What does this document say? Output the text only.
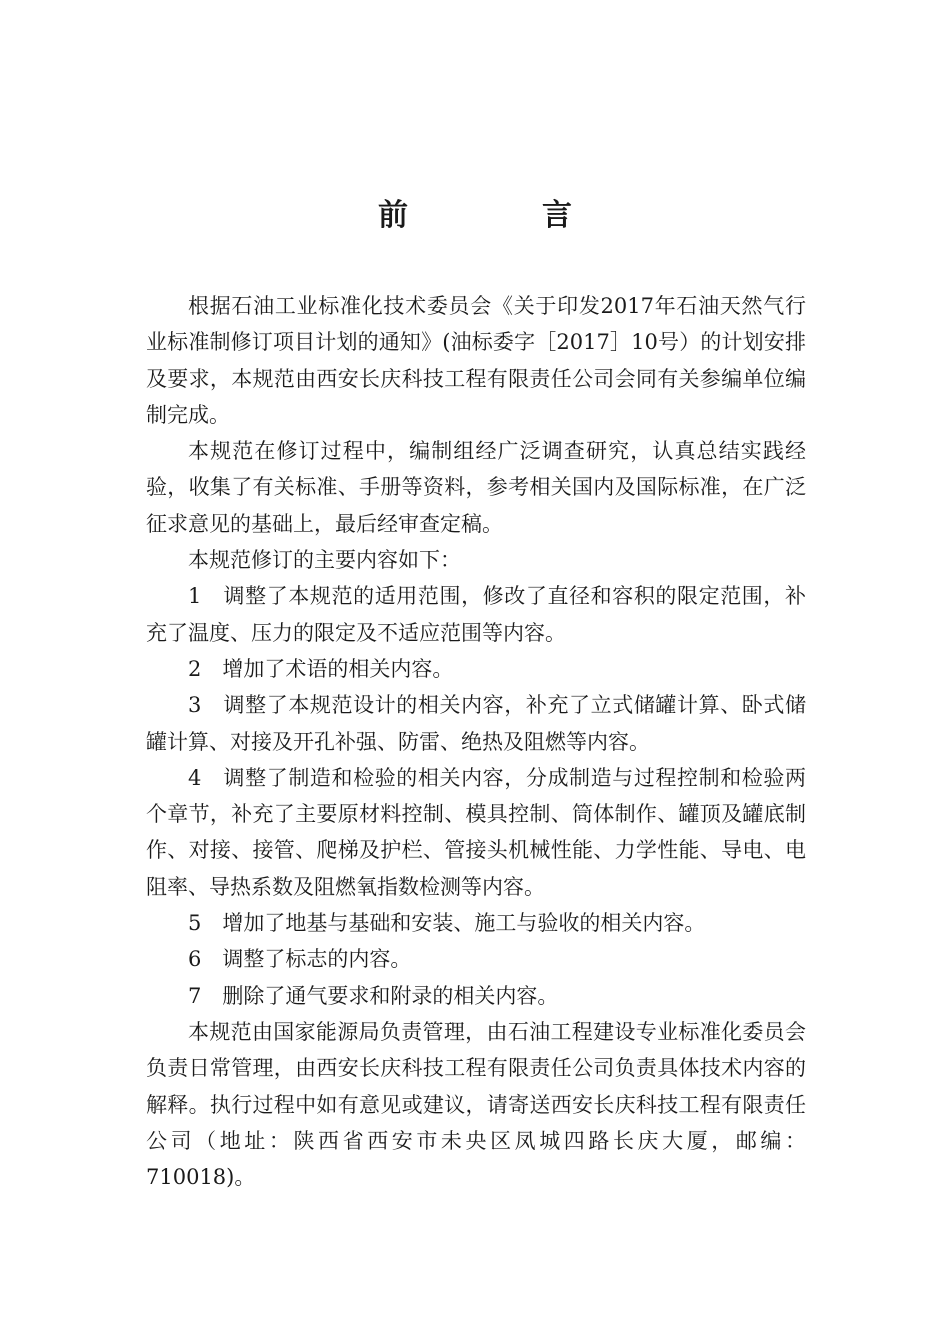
前　言

根据石油工业标准化技术委员会《关于印发2017年石油天然气行业标准制修订项目计划的通知》(油标委字［2017］10号）的计划安排及要求，本规范由西安长庆科技工程有限责任公司会同有关参编单位编制完成。

本规范在修订过程中，编制组经广泛调查研究，认真总结实践经验，收集了有关标准、手册等资料，参考相关国内及国际标准，在广泛征求意见的基础上，最后经审查定稿。

本规范修订的主要内容如下：

1　调整了本规范的适用范围，修改了直径和容积的限定范围，补充了温度、压力的限定及不适应范围等内容。

2　增加了术语的相关内容。

3　调整了本规范设计的相关内容，补充了立式储罐计算、卧式储罐计算、对接及开孔补强、防雷、绝热及阻燃等内容。

4　调整了制造和检验的相关内容，分成制造与过程控制和检验两个章节，补充了主要原材料控制、模具控制、筒体制作、罐顶及罐底制作、对接、接管、爬梯及护栏、管接头机械性能、力学性能、导电、电阻率、导热系数及阻燃氧指数检测等内容。

5　增加了地基与基础和安装、施工与验收的相关内容。

6　调整了标志的内容。

7　删除了通气要求和附录的相关内容。

本规范由国家能源局负责管理，由石油工程建设专业标准化委员会负责日常管理，由西安长庆科技工程有限责任公司负责具体技术内容的解释。执行过程中如有意见或建议，请寄送西安长庆科技工程有限责任公司（地址：陕西省西安市未央区凤城四路长庆大厦，邮编：710018)。
